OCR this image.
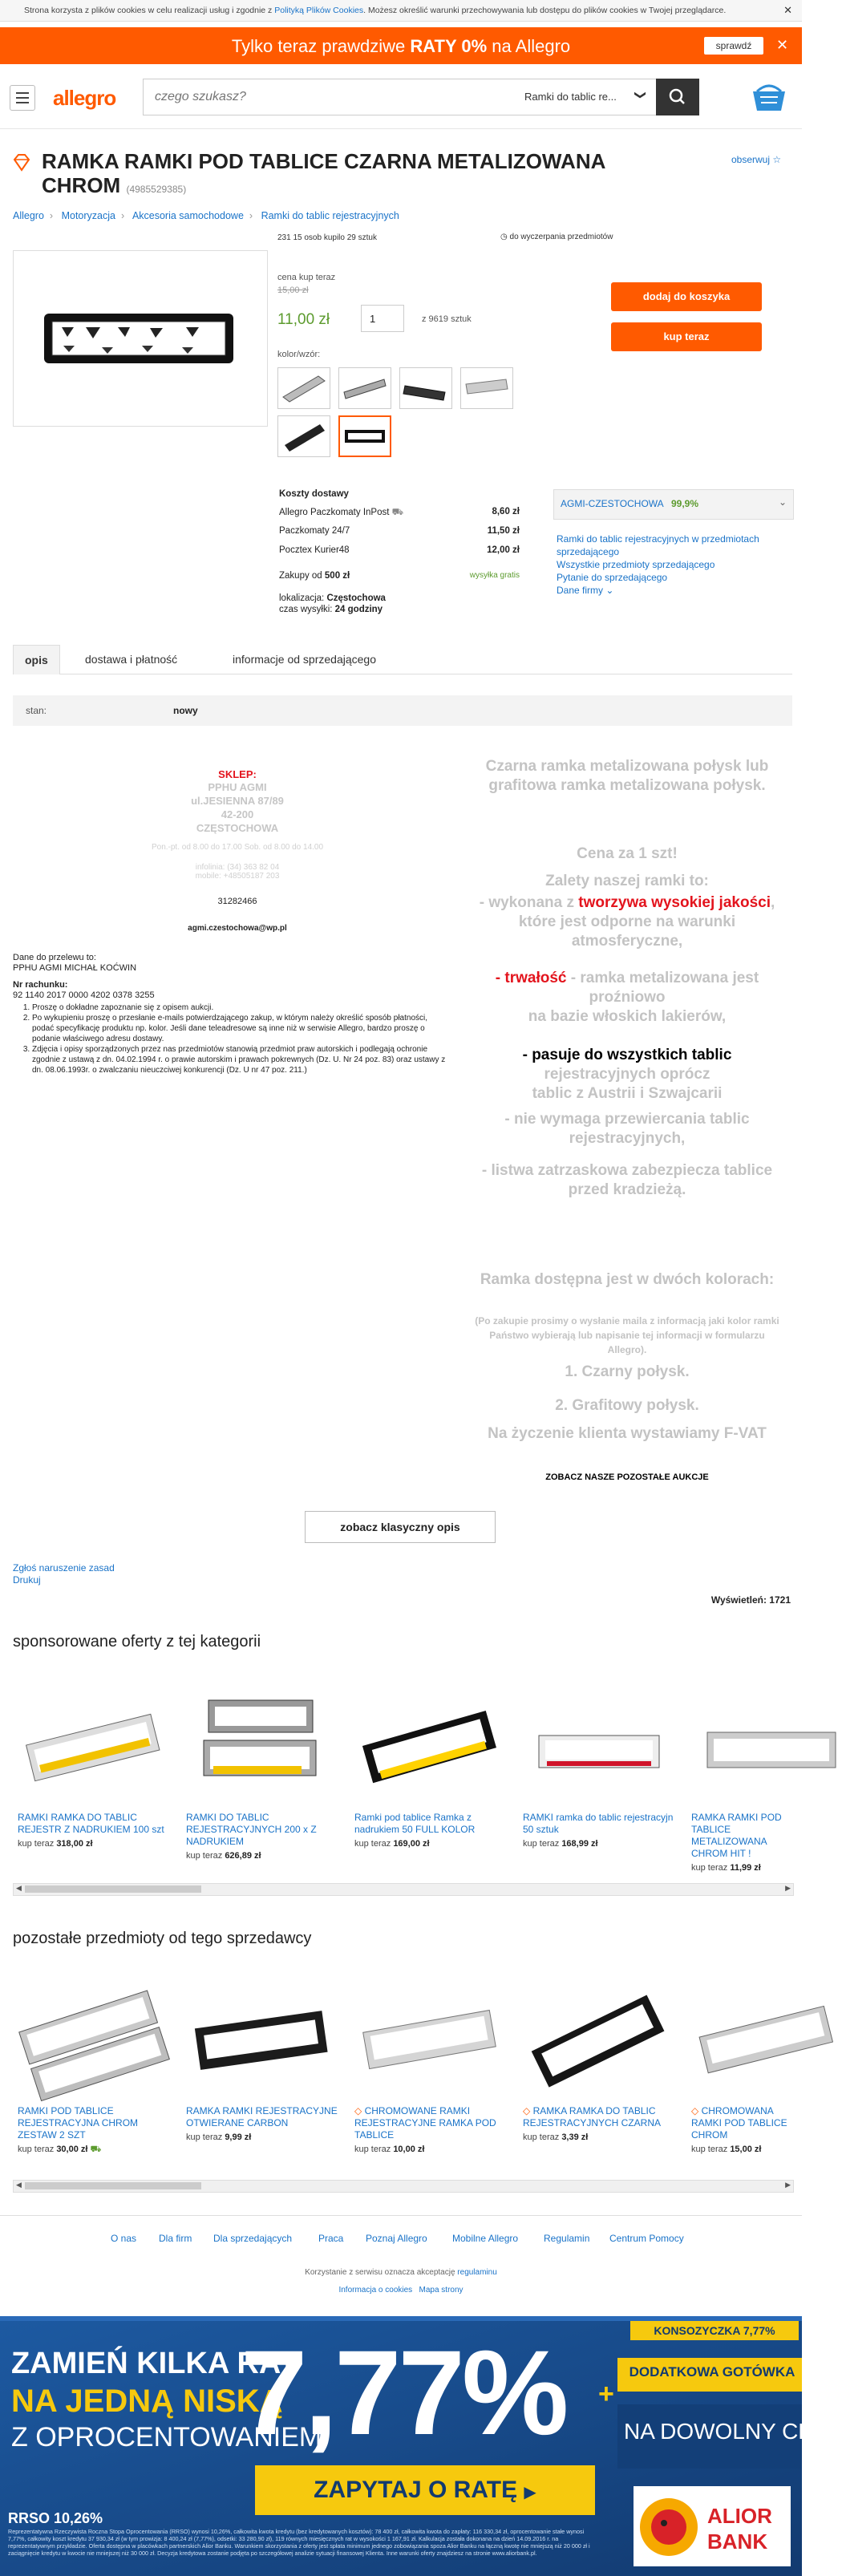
Strona korzysta z plików cookies w celu realizacji usług i zgodnie z Polityką Plików Cookies. Możesz określić warunki przechowywania lub dostępu do plików cookies w Twojej przeglądarce.	✕
Tylko teraz prawdziwe RATY 0% na Allegro	sprawdź	✕
allegro
czego szukasz?	Ramki do tablic re... ❯
RAMKA RAMKI POD TABLICE CZARNA METALIZOWANA CHROM (4985529385)
obserwuj ☆
Allegro › Motoryzacja › Akcesoria samochodowe › Ramki do tablic rejestracyjnych
231 15 osob kupilo 29 sztuk	◷ do wyczerpania przedmiotów
cena kup teraz
15,00 zł
11,00 zł	1	z 9619 sztuk
dodaj do koszyka
kup teraz
kolor/wzór:
Koszty dostawy
Allegro Paczkomaty InPost ⛟	8,60 zł
Paczkomaty 24/7	11,50 zł
Pocztex Kurier48	12,00 zł
Zakupy od 500 zł	wysyłka gratis
lokalizacja: Częstochowa
czas wysyłki: 24 godziny
AGMI-CZESTOCHOWA 99,9%	⌄
Ramki do tablic rejestracyjnych w przedmiotach sprzedającego
Wszystkie przedmioty sprzedającego
Pytanie do sprzedającego
Dane firmy ⌄
opis	dostawa i płatność	informacje od sprzedającego
stan:	nowy
SKLEP:
PPHU AGMI
ul.JESIENNA 87/89
42-200
CZĘSTOCHOWA
Pon.-pt. od 8.00 do 17.00 Sob. od 8.00 do 14.00
infolinia: (34) 363 82 04
mobile: +48505187 203
31282466
agmi.czestochowa@wp.pl
Dane do przelewu to:
PPHU AGMI MICHAŁ KOĆWIN
Nr rachunku:
92 1140 2017 0000 4202 0378 3255
1. Proszę o dokładne zapoznanie się z opisem aukcji.
2. Po wykupieniu proszę o przesłanie e-mails potwierdzającego zakup, w którym należy określić sposób płatności, podać specyfikację produktu np. kolor. Jeśli dane teleadresowe są inne niż w serwisie Allegro, bardzo proszę o podanie właściwego adresu dostawy.
3. Zdjęcia i opisy sporządzonych przez nas przedmiotów stanowią przedmiot praw autorskich i podlegają ochronie zgodnie z ustawą z dn. 04.02.1994 r. o prawie autorskim i prawach pokrewnych (Dz. U. Nr 24 poz. 83) oraz ustawy z dn. 08.06.1993r. o zwalczaniu nieuczciwej konkurencji (Dz. U nr 47 poz. 211.)
Czarna ramka metalizowana połysk lub grafitowa ramka metalizowana połysk.
Cena za 1 szt!
Zalety naszej ramki to:
- wykonana z tworzywa wysokiej jakości, które jest odporne na warunki atmosferyczne,
- trwałość - ramka metalizowana jest proźniowo
na bazie włoskich lakierów,
- pasuje do wszystkich tablic
rejestracyjnych oprócz
tablic z Austrii i Szwajcarii
- nie wymaga przewiercania tablic rejestracyjnych,
- listwa zatrzaskowa zabezpiecza tablice przed kradzieżą.
Ramka dostępna jest w dwóch kolorach:
(Po zakupie prosimy o wysłanie maila z informacją jaki kolor ramki Państwo wybierają lub napisanie tej informacji w formularzu Allegro).
1. Czarny połysk.
2. Grafitowy połysk.
Na życzenie klienta wystawiamy F-VAT
ZOBACZ NASZE POZOSTAŁE AUKCJE
zobacz klasyczny opis
Zgłoś naruszenie zasad
Drukuj
Wyświetleń: 1721
sponsorowane oferty z tej kategorii
RAMKI RAMKA DO TABLIC REJESTR Z NADRUKIEM 100 szt
kup teraz 318,00 zł
RAMKI DO TABLIC REJESTRACYJNYCH 200 x Z NADRUKIEM
kup teraz 626,89 zł
Ramki pod tablice Ramka z nadrukiem 50 FULL KOLOR
kup teraz 169,00 zł
RAMKI ramka do tablic rejestracyjn 50 sztuk
kup teraz 168,99 zł
RAMKA RAMKI POD TABLICE METALIZOWANA CHROM HIT !
kup teraz 11,99 zł
◀	▶
pozostałe przedmioty od tego sprzedawcy
RAMKI POD TABLICE REJESTRACYJNA CHROM ZESTAW 2 SZT
kup teraz 30,00 zł ⛟
RAMKA RAMKI REJESTRACYJNE OTWIERANE CARBON
kup teraz 9,99 zł
◇ CHROMOWANE RAMKI REJESTRACYJNE RAMKA POD TABLICE
kup teraz 10,00 zł
◇ RAMKA RAMKA DO TABLIC REJESTRACYJNYCH CZARNA
kup teraz 3,39 zł
◇ CHROMOWANA RAMKI POD TABLICE CHROM
kup teraz 15,00 zł
◀	▶
O nas Dla firm Dla sprzedających	Praca Poznaj Allegro	Mobilne Allegro	Regulamin Centrum Pomocy
Korzystanie z serwisu oznacza akceptację regulaminu
Informacja o cookies Mapa strony
KONSOZYCZKA 7,77%
ZAMIEŃ KILKA RAT
NA JEDNĄ NISKĄ
Z OPROCENTOWANIEM
7,77% +
DODATKOWA GOTÓWKA
NA DOWOLNY CEL
ZAPYTAJ O RATĘ ▶
RRSO 10,26%
Reprezentatywna Rzeczywista Roczna Stopa Oprocentowania (RRSO) wynosi 10,26%, całkowita kwota kredytu (bez kredytowanych kosztów): 78 400 zł, całkowita kwota do zapłaty: 116 330,34 zł, oprocentowanie stałe wynosi 7,77%, całkowity koszt kredytu 37 930,34 zł (w tym prowizja: 8 400,24 zł (7,77%), odsetki: 33 280,90 zł), 119 równych miesięcznych rat w wysokości 1 167,91 zł. Kalkulacja została dokonana na dzień 14.09.2016 r. na reprezentatywnym przykładzie. Oferta dostępna w placówkach partnerskich Alior Banku. Warunkiem skorzystania z oferty jest spłata minimum jednego zobowiązania spoza Alior Banku na łączną kwotę nie mniejszą niż 20 000 zł i zaciągnięcie kredytu w kwocie nie mniejszej niż 30 000 zł. Decyzja kredytowa zostanie podjęta po szczegółowej analizie sytuacji finansowej Klienta. Inne warunki oferty znajdziesz na stronie www.aliorbank.pl.
ALIOR
BANK
